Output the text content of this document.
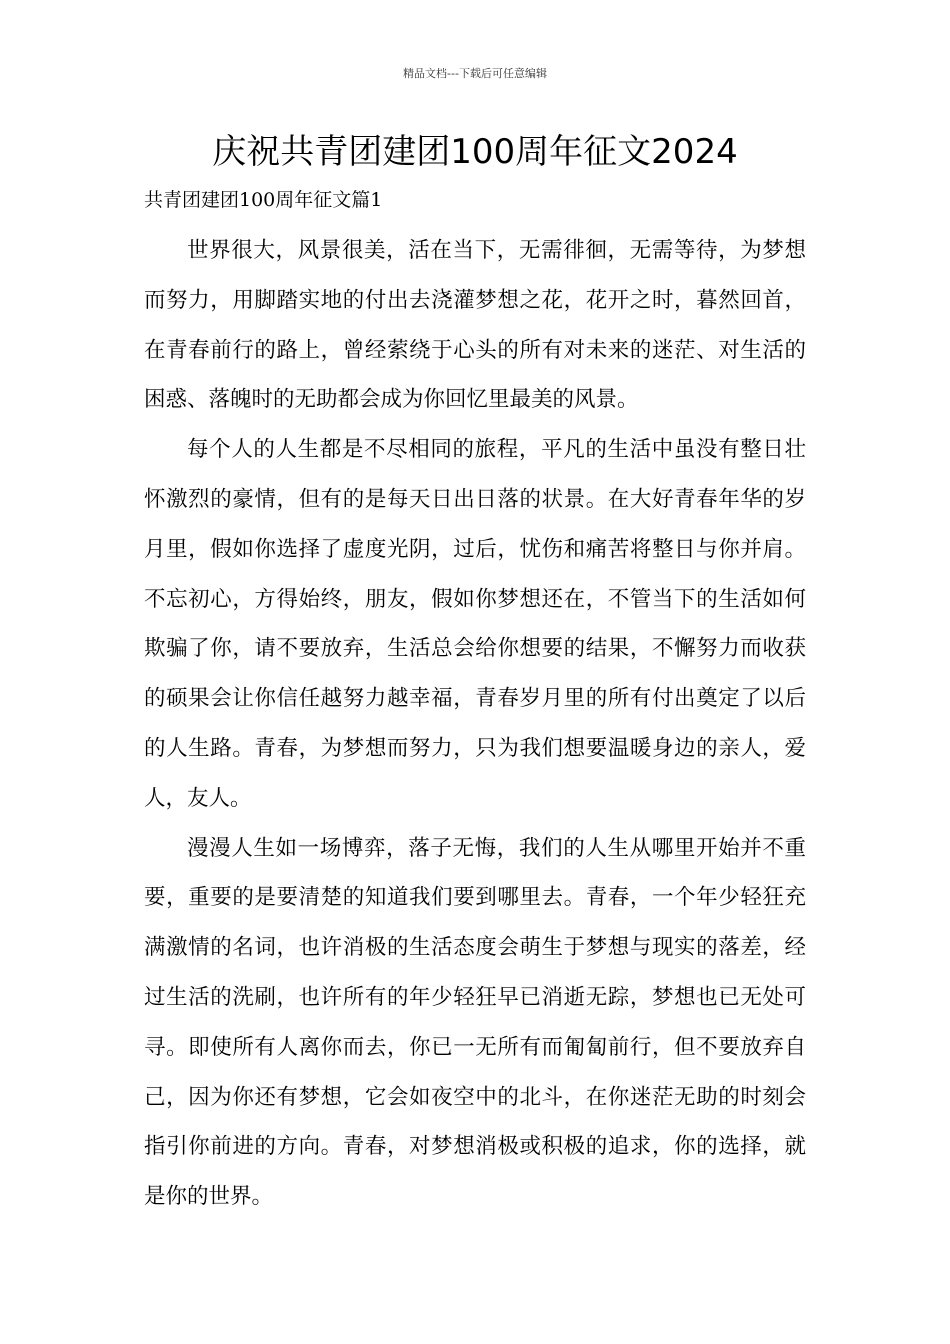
精品文档---下载后可任意编辑
庆祝共青团建团100周年征文2024

共青团建团100周年征文篇1

世界很大，风景很美，活在当下，无需徘徊，无需等待，为梦想而努力，用脚踏实地的付出去浇灌梦想之花，花开之时，暮然回首，在青春前行的路上，曾经萦绕于心头的所有对未来的迷茫、对生活的困惑、落魄时的无助都会成为你回忆里最美的风景。

每个人的人生都是不尽相同的旅程，平凡的生活中虽没有整日壮怀激烈的豪情，但有的是每天日出日落的状景。在大好青春年华的岁月里，假如你选择了虚度光阴，过后，忧伤和痛苦将整日与你并肩。不忘初心，方得始终，朋友，假如你梦想还在，不管当下的生活如何欺骗了你，请不要放弃，生活总会给你想要的结果，不懈努力而收获的硕果会让你信任越努力越幸福，青春岁月里的所有付出奠定了以后的人生路。青春，为梦想而努力，只为我们想要温暖身边的亲人，爱人，友人。

漫漫人生如一场博弈，落子无悔，我们的人生从哪里开始并不重要，重要的是要清楚的知道我们要到哪里去。青春，一个年少轻狂充满激情的名词，也许消极的生活态度会萌生于梦想与现实的落差，经过生活的洗刷，也许所有的年少轻狂早已消逝无踪，梦想也已无处可寻。即使所有人离你而去，你已一无所有而匍匐前行，但不要放弃自己，因为你还有梦想，它会如夜空中的北斗，在你迷茫无助的时刻会指引你前进的方向。青春，对梦想消极或积极的追求，你的选择，就是你的世界。
